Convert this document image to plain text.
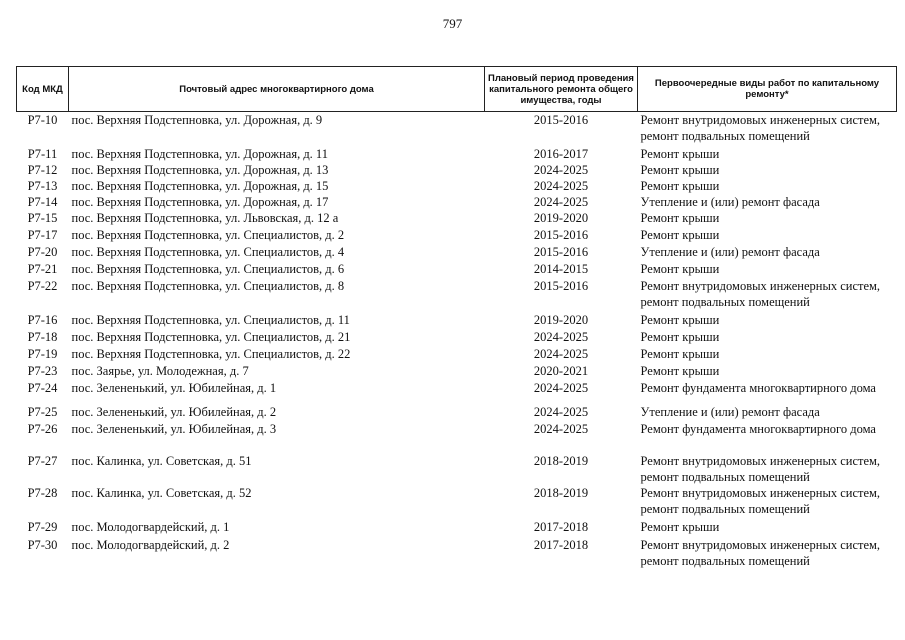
797
Код МКД	Почтовый адрес многоквартирного дома	Плановый период проведения капитального ремонта общего имущества, годы	Первоочередные виды работ по капитальному ремонту*
Р7-10	пос. Верхняя Подстепновка, ул. Дорожная, д. 9	2015-2016	Ремонт внутридомовых инженерных систем, ремонт подвальных помещений
Р7-11	пос. Верхняя Подстепновка, ул. Дорожная, д. 11	2016-2017	Ремонт крыши
Р7-12	пос. Верхняя Подстепновка, ул. Дорожная, д. 13	2024-2025	Ремонт крыши
Р7-13	пос. Верхняя Подстепновка, ул. Дорожная, д. 15	2024-2025	Ремонт крыши
Р7-14	пос. Верхняя Подстепновка, ул. Дорожная, д. 17	2024-2025	Утепление и (или) ремонт фасада
Р7-15	пос. Верхняя Подстепновка, ул. Львовская, д. 12 а	2019-2020	Ремонт крыши
Р7-17	пос. Верхняя Подстепновка, ул. Специалистов, д. 2	2015-2016	Ремонт крыши
Р7-20	пос. Верхняя Подстепновка, ул. Специалистов, д. 4	2015-2016	Утепление и (или) ремонт фасада
Р7-21	пос. Верхняя Подстепновка, ул. Специалистов, д. 6	2014-2015	Ремонт крыши
Р7-22	пос. Верхняя Подстепновка, ул. Специалистов, д. 8	2015-2016	Ремонт внутридомовых инженерных систем, ремонт подвальных помещений
Р7-16	пос. Верхняя Подстепновка, ул. Специалистов, д. 11	2019-2020	Ремонт крыши
Р7-18	пос. Верхняя Подстепновка, ул. Специалистов, д. 21	2024-2025	Ремонт крыши
Р7-19	пос. Верхняя Подстепновка, ул. Специалистов, д. 22	2024-2025	Ремонт крыши
Р7-23	пос. Заярье, ул. Молодежная, д. 7	2020-2021	Ремонт крыши
Р7-24	пос. Зелененький, ул. Юбилейная, д. 1	2024-2025	Ремонт фундамента многоквартирного дома
Р7-25	пос. Зелененький, ул. Юбилейная, д. 2	2024-2025	Утепление и (или) ремонт фасада
Р7-26	пос. Зелененький, ул. Юбилейная, д. 3	2024-2025	Ремонт фундамента многоквартирного дома
Р7-27	пос. Калинка, ул. Советская, д. 51	2018-2019	Ремонт внутридомовых инженерных систем, ремонт подвальных помещений
Р7-28	пос. Калинка, ул. Советская, д. 52	2018-2019	Ремонт внутридомовых инженерных систем, ремонт подвальных помещений
Р7-29	пос. Молодогвардейский, д. 1	2017-2018	Ремонт крыши
Р7-30	пос. Молодогвардейский, д. 2	2017-2018	Ремонт внутридомовых инженерных систем, ремонт подвальных помещений
